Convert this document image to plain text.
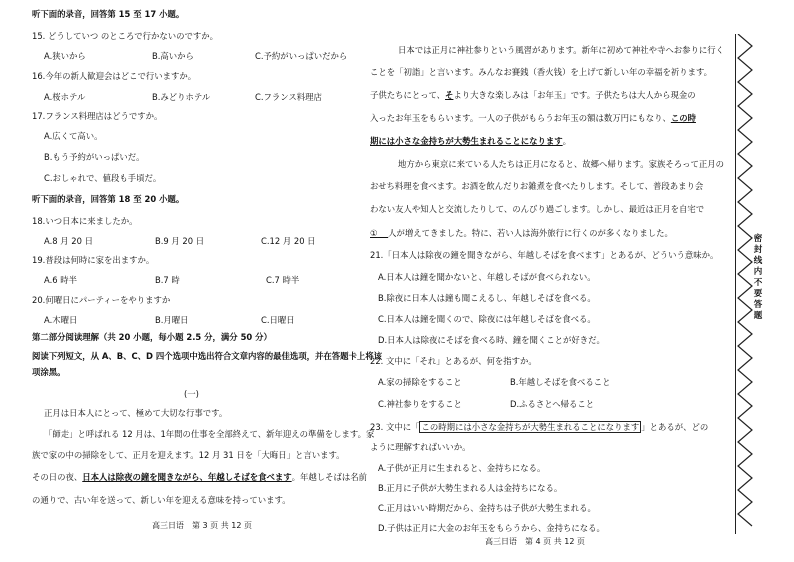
听下面的录音，回答第 15 至 17 小题。
15. どうしていつ のところで行かないのですか。
A.狭いから	B.高いから	C.予約がいっぱいだから
16.今年の新人歓迎会はどこで行いますか。
A.桜ホテル	B.みどりホテル	C.フランス料理店
17.フランス料理店はどうですか。
A.広くて高い。
B.もう予約がいっぱいだ。
C.おしゃれで、値段も手頃だ。
听下面的录音，回答第 18 至 20 小题。
18.いつ日本に来ましたか。
A.8 月 20 日	B.9 月 20 日	C.12 月 20 日
19.普段は何時に家を出ますか。
A.6 時半	B.7 時	C.7 時半
20.何曜日にパーティーをやりますか
A.木曜日	B.月曜日	C.日曜日
第二部分阅读理解（共 20 小题，每小题 2.5 分，满分 50 分）
阅读下列短文，从 A、B、C、D 四个选项中选出符合文章内容的最佳选项，并在答题卡上将该
项涂黑。
(一)
正月は日本人にとって、極めて大切な行事です。
「師走」と呼ばれる 12 月は、1年間の仕事を全部終えて、新年迎えの準備をします。家
族で家の中の掃除をして、正月を迎えます。12 月 31 日を「大晦日」と言います。
その日の夜、日本人は除夜の鐘を聞きながら、年越しそばを食べます。年越しそばは名前
の通りで、古い年を送って、新しい年を迎える意味を持っています。
高三日语　第 3 页 共 12 页
日本では正月に神社参りという風習があります。新年に初めて神社や寺へお参りに行く
ことを「初詣」と言います。みんなお賽銭（香火钱）を上げて新しい年の幸福を祈ります。
子供たちにとって、そより大きな楽しみは「お年玉」です。子供たちは大人から現金の
入ったお年玉をもらいます。一人の子供がもらうお年玉の額は数万円にもなり、この時
期には小さな金持ちが大勢生まれることになります。
地方から東京に来ている人たちは正月になると、故郷へ帰ります。家族そろって正月の
おせち料理を食べます。お酒を飲んだりお雑煮を食べたりします。そして、普段あまり会
わない友人や知人と交流したりして、のんびり過ごします。しかし、最近は正月を自宅で
① 人が増えてきました。特に、若い人は海外旅行に行くのが多くなりました。
21.「日本人は除夜の鐘を聞きながら、年越しそばを食べます」とあるが、どういう意味か。
A.日本人は鐘を聞かないと、年越しそばが食べられない。
B.除夜に日本人は鐘も聞こえるし、年越しそばを食べる。
C.日本人は鐘を聞くので、除夜には年越しそばを食べる。
D.日本人は除夜にそばを食べる時、鐘を聞くことが好きだ。
22. 文中に「それ」とあるが、何を指すか。
A.家の掃除をすること	B.年越しそばを食べること
C.神社参りをすること	D.ふるさとへ帰ること
23. 文中に「 この時期には小さな金持ちが大勢生まれることになります 」とあるが、どの
ように理解すればいいか。
A.子供が正月に生まれると、金持ちになる。
B.正月に子供が大勢生まれる人は金持ちになる。
C.正月はいい時期だから、金持ちは子供が大勢生まれる。
D.子供は正月に大金のお年玉をもらうから、金持ちになる。
高三日语　第 4 页 共 12 页
密
封
线
内
不
要
答
题
